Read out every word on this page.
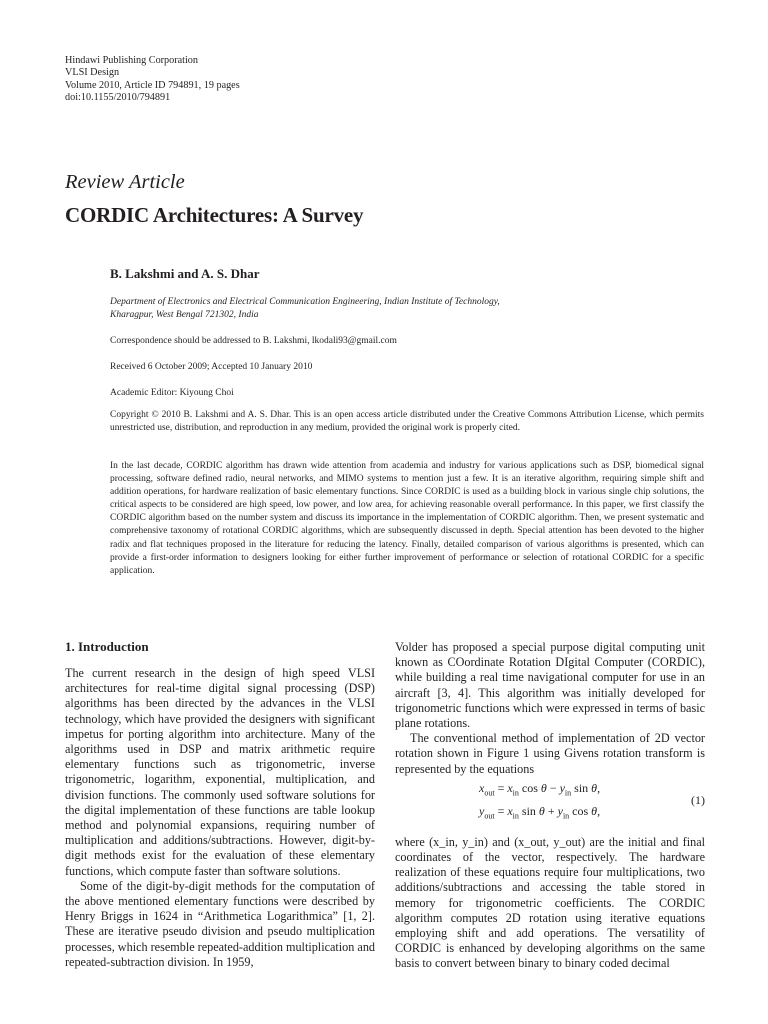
Hindawi Publishing Corporation
VLSI Design
Volume 2010, Article ID 794891, 19 pages
doi:10.1155/2010/794891
Review Article
CORDIC Architectures: A Survey
B. Lakshmi and A. S. Dhar
Department of Electronics and Electrical Communication Engineering, Indian Institute of Technology,
Kharagpur, West Bengal 721302, India
Correspondence should be addressed to B. Lakshmi, lkodali93@gmail.com
Received 6 October 2009; Accepted 10 January 2010
Academic Editor: Kiyoung Choi
Copyright © 2010 B. Lakshmi and A. S. Dhar. This is an open access article distributed under the Creative Commons Attribution License, which permits unrestricted use, distribution, and reproduction in any medium, provided the original work is properly cited.
In the last decade, CORDIC algorithm has drawn wide attention from academia and industry for various applications such as DSP, biomedical signal processing, software defined radio, neural networks, and MIMO systems to mention just a few. It is an iterative algorithm, requiring simple shift and addition operations, for hardware realization of basic elementary functions. Since CORDIC is used as a building block in various single chip solutions, the critical aspects to be considered are high speed, low power, and low area, for achieving reasonable overall performance. In this paper, we first classify the CORDIC algorithm based on the number system and discuss its importance in the implementation of CORDIC algorithm. Then, we present systematic and comprehensive taxonomy of rotational CORDIC algorithms, which are subsequently discussed in depth. Special attention has been devoted to the higher radix and flat techniques proposed in the literature for reducing the latency. Finally, detailed comparison of various algorithms is presented, which can provide a first-order information to designers looking for either further improvement of performance or selection of rotational CORDIC for a specific application.
1. Introduction

The current research in the design of high speed VLSI architectures for real-time digital signal processing (DSP) algorithms has been directed by the advances in the VLSI technology, which have provided the designers with significant impetus for porting algorithm into architecture. Many of the algorithms used in DSP and matrix arithmetic require elementary functions such as trigonometric, inverse trigonometric, logarithm, exponential, multiplication, and division functions. The commonly used software solutions for the digital implementation of these functions are table lookup method and polynomial expansions, requiring number of multiplication and additions/subtractions. However, digit-by-digit methods exist for the evaluation of these elementary functions, which compute faster than software solutions.

Some of the digit-by-digit methods for the computation of the above mentioned elementary functions were described by Henry Briggs in 1624 in “Arithmetica Logarithmica” [1, 2]. These are iterative pseudo division and pseudo multiplication processes, which resemble repeated-addition multiplication and repeated-subtraction division. In 1959,

Volder has proposed a special purpose digital computing unit known as COordinate Rotation DIgital Computer (CORDIC), while building a real time navigational computer for use in an aircraft [3, 4]. This algorithm was initially developed for trigonometric functions which were expressed in terms of basic plane rotations.

The conventional method of implementation of 2D vector rotation shown in Figure 1 using Givens rotation transform is represented by the equations

$x_{out} = x_{in}$ $\cos \theta - y_{in}$ sin θ,
$y_{out} = x_{in}$ $\sin \theta + y_{in}$ cos θ,
(1)

where (x_in, y_in) and (x_out, y_out) are the initial and final coordinates of the vector, respectively. The hardware realization of these equations require four multiplications, two additions/subtractions and accessing the table stored in memory for trigonometric coefficients. The CORDIC algorithm computes 2D rotation using iterative equations employing shift and add operations. The versatility of CORDIC is enhanced by developing algorithms on the same basis to convert between binary to binary coded decimal
